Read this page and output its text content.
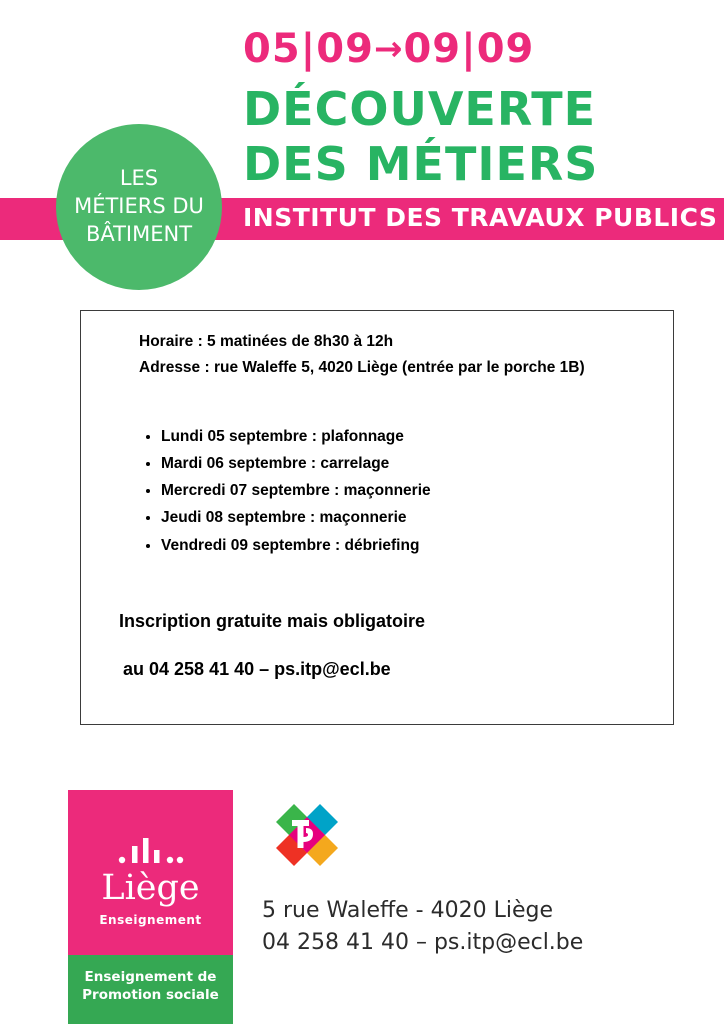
05|09→09|09
DÉCOUVERTE
DES MÉTIERS
INSTITUT DES TRAVAUX PUBLICS
LES
MÉTIERS DU
BÂTIMENT
Horaire : 5 matinées de 8h30 à 12h
Adresse : rue Waleffe 5, 4020 Liège (entrée par le porche 1B)
• Lundi 05 septembre : plafonnage
• Mardi 06 septembre : carrelage
• Mercredi 07 septembre : maçonnerie
• Jeudi 08 septembre : maçonnerie
• Vendredi 09 septembre : débriefing
Inscription gratuite mais obligatoire
au 04 258 41 40 – ps.itp@ecl.be
Liège
Enseignement
Enseignement de
Promotion sociale
5 rue Waleffe - 4020 Liège
04 258 41 40 – ps.itp@ecl.be
